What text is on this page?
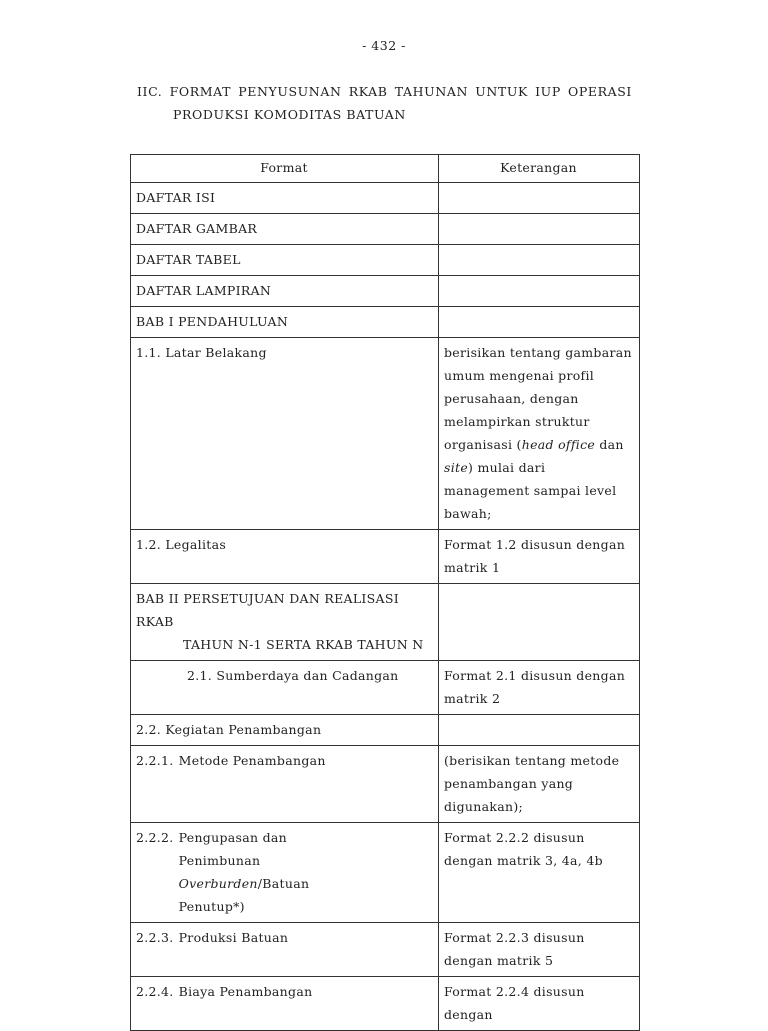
- 432 -
IIC. FORMAT PENYUSUNAN RKAB TAHUNAN UNTUK IUP OPERASI
PRODUKSI KOMODITAS BATUAN
Format	Keterangan
DAFTAR ISI	
DAFTAR GAMBAR	
DAFTAR TABEL	
DAFTAR LAMPIRAN	
BAB I PENDAHULUAN	
1.1. Latar Belakang	berisikan tentang gambaran umum mengenai profil perusahaan, dengan melampirkan struktur organisasi (head office dan site) mulai dari management sampai level bawah;
1.2. Legalitas	Format 1.2 disusun dengan matrik 1

BAB II PERSETUJUAN DAN REALISASI RKAB
TAHUN N-1 SERTA RKAB TAHUN N	

2.1. Sumberdaya dan Cadangan	Format 2.1 disusun dengan matrik 2
2.2. Kegiatan Penambangan	

2.2.1. Metode Penambangan	(berisikan tentang metode penambangan yang digunakan);

2.2.2. Pengupasan dan Penimbunan Overburden/Batuan Penutup*)	Format 2.2.2 disusun dengan matrik 3, 4a, 4b

2.2.3. Produksi Batuan	Format 2.2.3 disusun dengan matrik 5

2.2.4. Biaya Penambangan	Format 2.2.4 disusun dengan
